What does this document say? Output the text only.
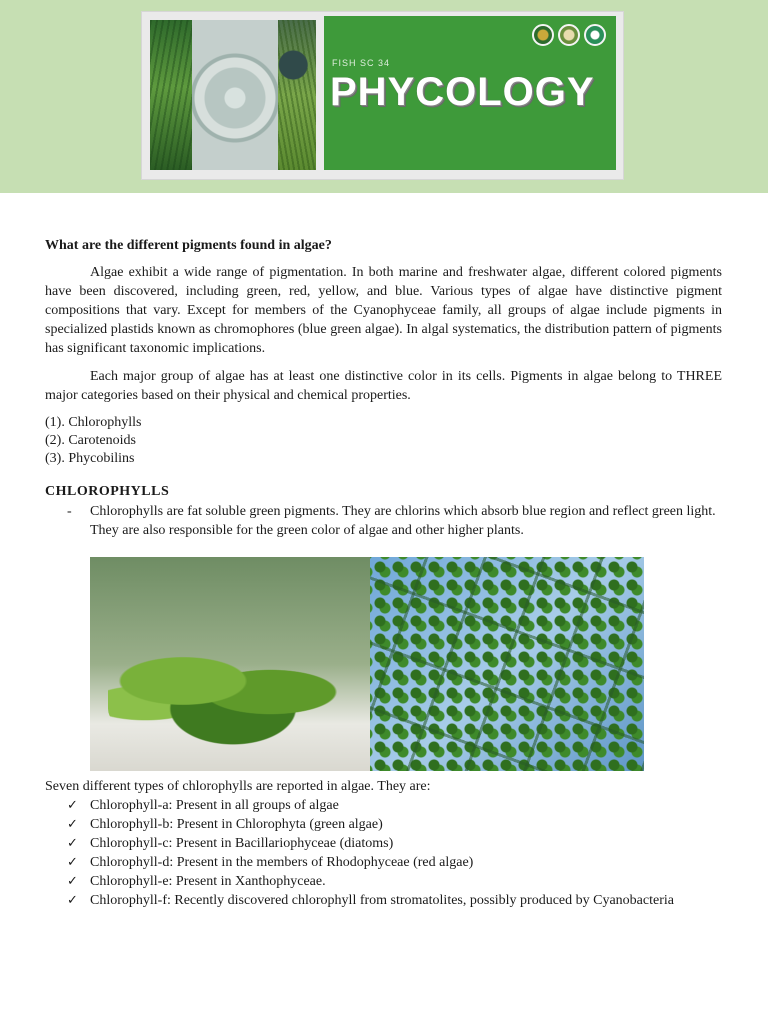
FISH SC 34
PHYCOLOGY

What are the different pigments found in algae?

Algae exhibit a wide range of pigmentation. In both marine and freshwater algae, different colored pigments have been discovered, including green, red, yellow, and blue. Various types of algae have distinctive pigment compositions that vary. Except for members of the Cyanophyceae family, all groups of algae include pigments in specialized plastids known as chromophores (blue green algae). In algal systematics, the distribution pattern of pigments has significant taxonomic implications.

Each major group of algae has at least one distinctive color in its cells. Pigments in algae belong to THREE major categories based on their physical and chemical properties.

(1). Chlorophylls
(2). Carotenoids
(3). Phycobilins

CHLOROPHYLLS

- Chlorophylls are fat soluble green pigments. They are chlorins which absorb blue region and reflect green light. They are also responsible for the green color of algae and other higher plants.

Seven different types of chlorophylls are reported in algae. They are:

✓ Chlorophyll-a: Present in all groups of algae
✓ Chlorophyll-b: Present in Chlorophyta (green algae)
✓ Chlorophyll-c: Present in Bacillariophyceae (diatoms)
✓ Chlorophyll-d: Present in the members of Rhodophyceae (red algae)
✓ Chlorophyll-e: Present in Xanthophyceae.
✓ Chlorophyll-f: Recently discovered chlorophyll from stromatolites, possibly produced by Cyanobacteria
